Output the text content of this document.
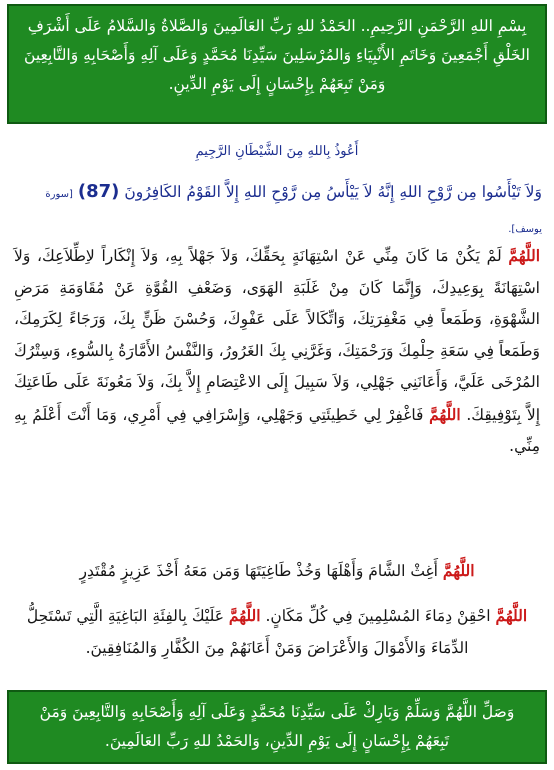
بِسْمِ اللهِ الرَّحْمَنِ الرَّحِيمِ.. الحَمْدُ للهِ رَبِّ العَالَمِينَ وَالصَّلاةُ وَالسَّلامُ عَلَى أَشْرَفِ الخَلْقِ أَجْمَعِينَ وَخَاتَمِ الأَنْبِيَاءِ وَالمُرْسَلِينَ سَيِّدِنَا مُحَمَّدٍ وَعَلَى آلِهِ وَأَصْحَابِهِ وَالتَّابِعِينَ وَمَنْ تَبِعَهُمْ بِإِحْسَانٍ إِلَى يَوْمِ الدِّينِ.
أَعُوذُ بِاللهِ مِنَ الشَّيْطَانِ الرَّجِيمِ
وَلاَ تَيْأَسُوا مِن رَّوْحِ اللهِ إِنَّهُ لاَ يَيْأَسُ مِن رَّوْحِ اللهِ إِلاَّ القَوْمُ الكَافِرُونَ (87) [سورة يوسف].
اللَّهُمَّ لَمْ يَكُنْ مَا كَانَ مِنِّي عَنْ اسْتِهَانَةٍ بِحَقِّكَ، وَلاَ جَهْلاً بِهِ، وَلاَ إِنْكَاراً لاِطِّلاَعِكَ، وَلاَ اسْتِهَانَةً بِوَعِيدِكَ، وَإِنَّمَا كَانَ مِنْ غَلَبَةِ الهَوَى، وَضَعْفِ القُوَّةِ عَنْ مُقَاوَمَةِ مَرَضِ الشَّهْوَةِ، وَطَمَعاً فِي مَغْفِرَتِكَ، وَاتِّكَالاً عَلَى عَفْوِكَ، وَحُسْنَ ظَنٍّ بِكَ، وَرَجَاءً لِكَرَمِكَ، وَطَمَعاً فِي سَعَةِ حِلْمِكَ وَرَحْمَتِكَ، وَغَرَّنِي بِكَ الغَرُورُ، وَالنَّفْسُ الأَمَّارَةُ بِالسُّوءِ، وَسِتْرُكَ المُرْخَى عَلَيَّ، وَأَعَانَنِي جَهْلِي، وَلاَ سَبِيلَ إِلَى الاعْتِصَامِ إِلاَّ بِكَ، وَلاَ مَعُونَةَ عَلَى طَاعَتِكَ إِلاَّ بِتَوْفِيقِكَ. اللَّهُمَّ فَاغْفِرْ لِي خَطِيئَتِي وَجَهْلِي، وَإِسْرَافِي فِي أَمْرِي، وَمَا أَنْتَ أَعْلَمُ بِهِ مِنِّي.
اللَّهُمَّ أَغِثْ الشَّامَ وَأَهْلَهَا وَخُذْ طَاغِيَتَهَا وَمَن مَعَهُ أَخْذَ عَزِيزٍ مُقْتَدِرٍ
اللَّهُمَّ احْقِنْ دِمَاءَ المُسْلِمِينَ فِي كُلِّ مَكَانٍ. اللَّهُمَّ عَلَيْكَ بِالفِئَةِ البَاغِيَةِ الَّتِي تَسْتَحِلُّ الدِّمَاءَ وَالأَمْوَالَ وَالأَعْرَاضَ وَمَنْ أَعَانَهُمْ مِنَ الكُفَّارِ وَالمُنَافِقِينَ.
وَصَلِّ اللَّهُمَّ وَسَلِّمْ وَبَارِكْ عَلَى سَيِّدِنَا مُحَمَّدٍ وَعَلَى آلِهِ وَأَصْحَابِهِ وَالتَّابِعِينَ وَمَنْ تَبِعَهُمْ بِإِحْسَانٍ إِلَى يَوْمِ الدِّينِ، وَالحَمْدُ للهِ رَبِّ العَالَمِينَ.
